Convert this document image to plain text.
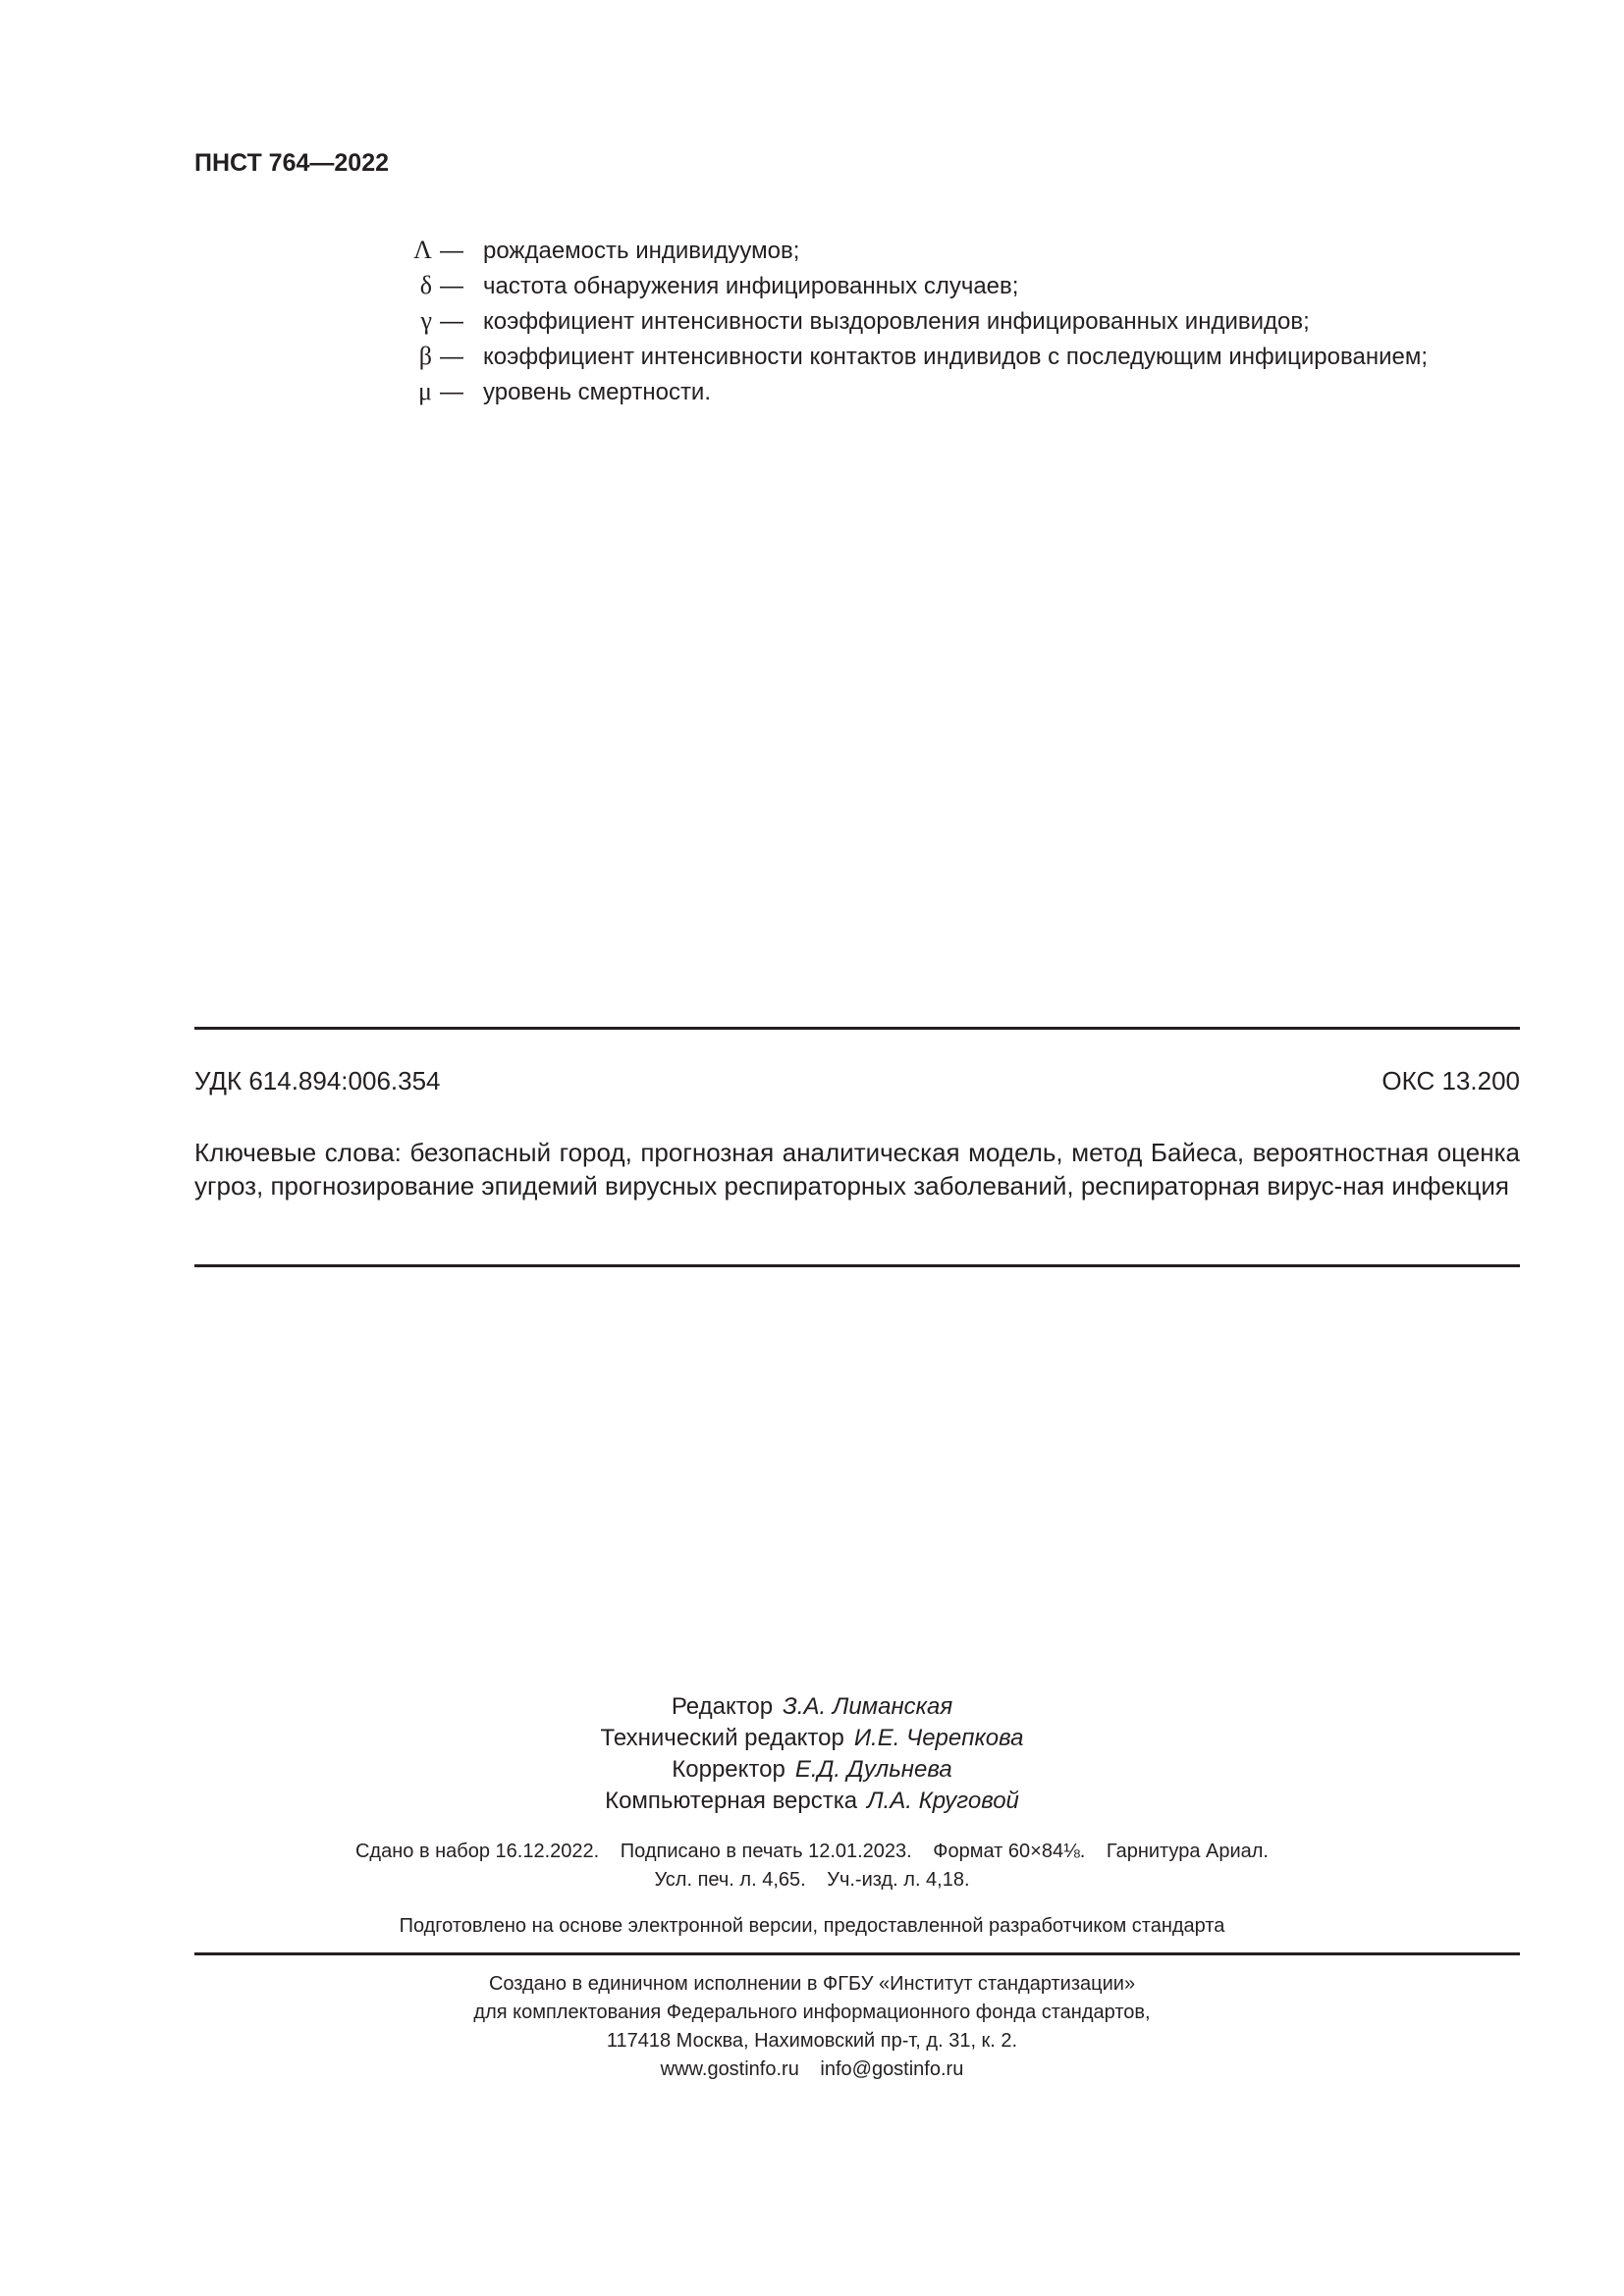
ПНСТ 764—2022
Λ — рождаемость индивидуумов;
δ — частота обнаружения инфицированных случаев;
γ — коэффициент интенсивности выздоровления инфицированных индивидов;
β — коэффициент интенсивности контактов индивидов с последующим инфицированием;
μ — уровень смертности.
УДК 614.894:006.354	ОКС 13.200
Ключевые слова: безопасный город, прогнозная аналитическая модель, метод Байеса, вероятностная оценка угроз, прогнозирование эпидемий вирусных респираторных заболеваний, респираторная вирус-ная инфекция
Редактор З.А. Лиманская
Технический редактор И.Е. Черепкова
Корректор Е.Д. Дульнева
Компьютерная верстка Л.А. Круговой
Сдано в набор 16.12.2022. Подписано в печать 12.01.2023. Формат 60×84⅛. Гарнитура Ариал.
Усл. печ. л. 4,65. Уч.-изд. л. 4,18.
Подготовлено на основе электронной версии, предоставленной разработчиком стандарта
Создано в единичном исполнении в ФГБУ «Институт стандартизации»
для комплектования Федерального информационного фонда стандартов,
117418 Москва, Нахимовский пр-т, д. 31, к. 2.
www.gostinfo.ru info@gostinfo.ru
